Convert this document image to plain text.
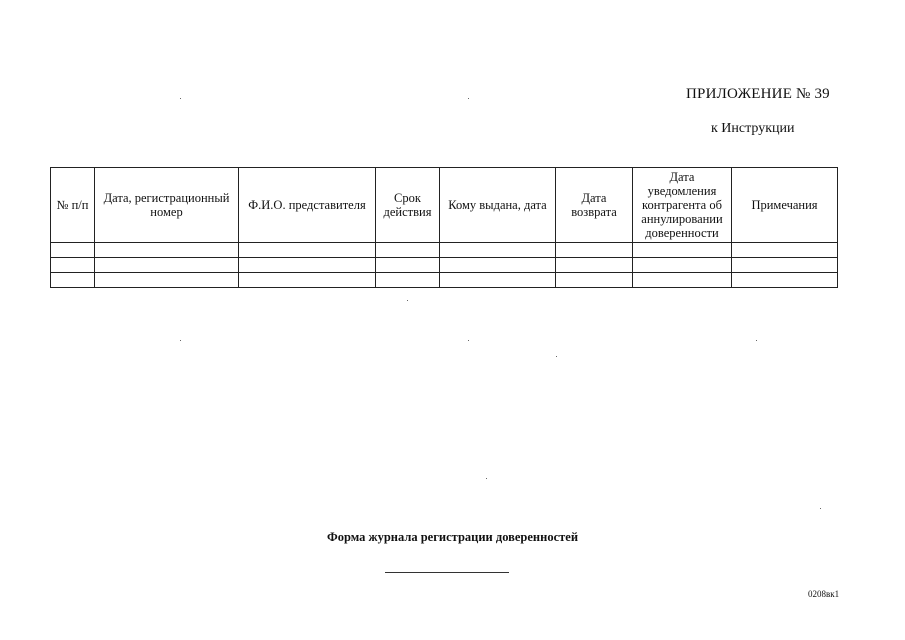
ПРИЛОЖЕНИЕ № 39
к Инструкции
№ п/п	Дата, регистрационный номер	Ф.И.О. представителя	Срок действия	Кому выдана, дата	Дата возврата	Дата уведомления контрагента об аннулировании доверенности	Примечания

Форма журнала регистрации доверенностей
0208вк1
